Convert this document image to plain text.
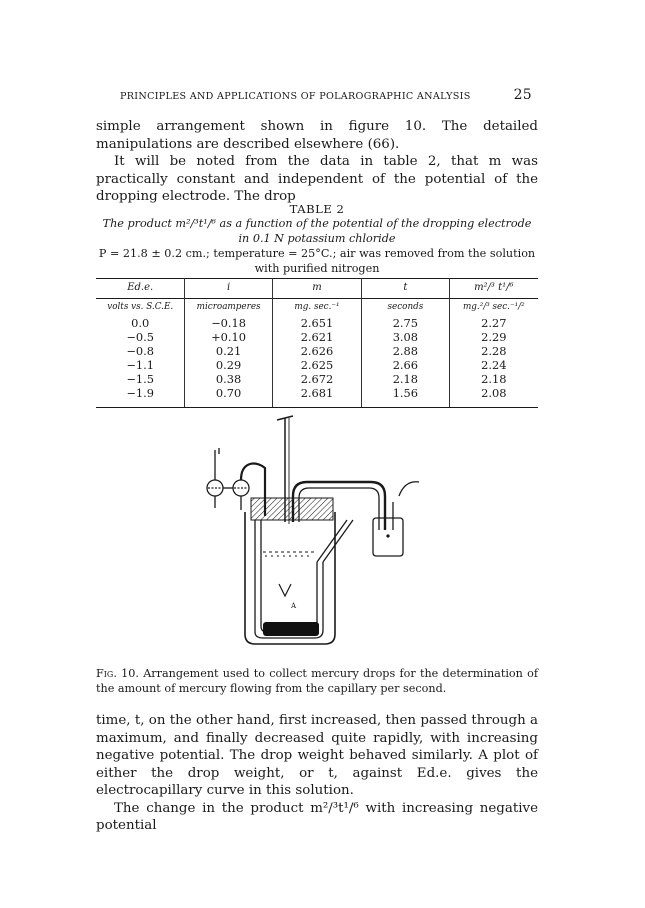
PRINCIPLES AND APPLICATIONS OF POLAROGRAPHIC ANALYSIS	25

simple arrangement shown in figure 10. The detailed manipulations are described elsewhere (66).

It will be noted from the data in table 2, that m was practically constant and independent of the potential of the dropping electrode. The drop

TABLE 2
The product m²/³t¹/⁶ as a function of the potential of the dropping electrode in 0.1 N potassium chloride
P = 21.8 ± 0.2 cm.; temperature = 25°C.; air was removed from the solution with purified nitrogen
Ed.e.
volts vs. S.C.E.
0.0
−0.5
−0.8
−1.1
−1.5
−1.9
i
microamperes
−0.18
+0.10
0.21
0.29
0.38
0.70
m
mg. sec.⁻¹
2.651
2.621
2.626
2.625
2.672
2.681
t
seconds
2.75
3.08
2.88
2.66
2.18
1.56
m²/³ t¹/⁶
mg.²/³ sec.⁻¹/²
2.27
2.29
2.28
2.24
2.18
2.08
A
Fig. 10. Arrangement used to collect mercury drops for the determination of the amount of mercury flowing from the capillary per second.

time, t, on the other hand, first increased, then passed through a maximum, and finally decreased quite rapidly, with increasing negative potential. The drop weight behaved similarly. A plot of either the drop weight, or t, against Ed.e. gives the electrocapillary curve in this solution.

The change in the product m²/³t¹/⁶ with increasing negative potential
